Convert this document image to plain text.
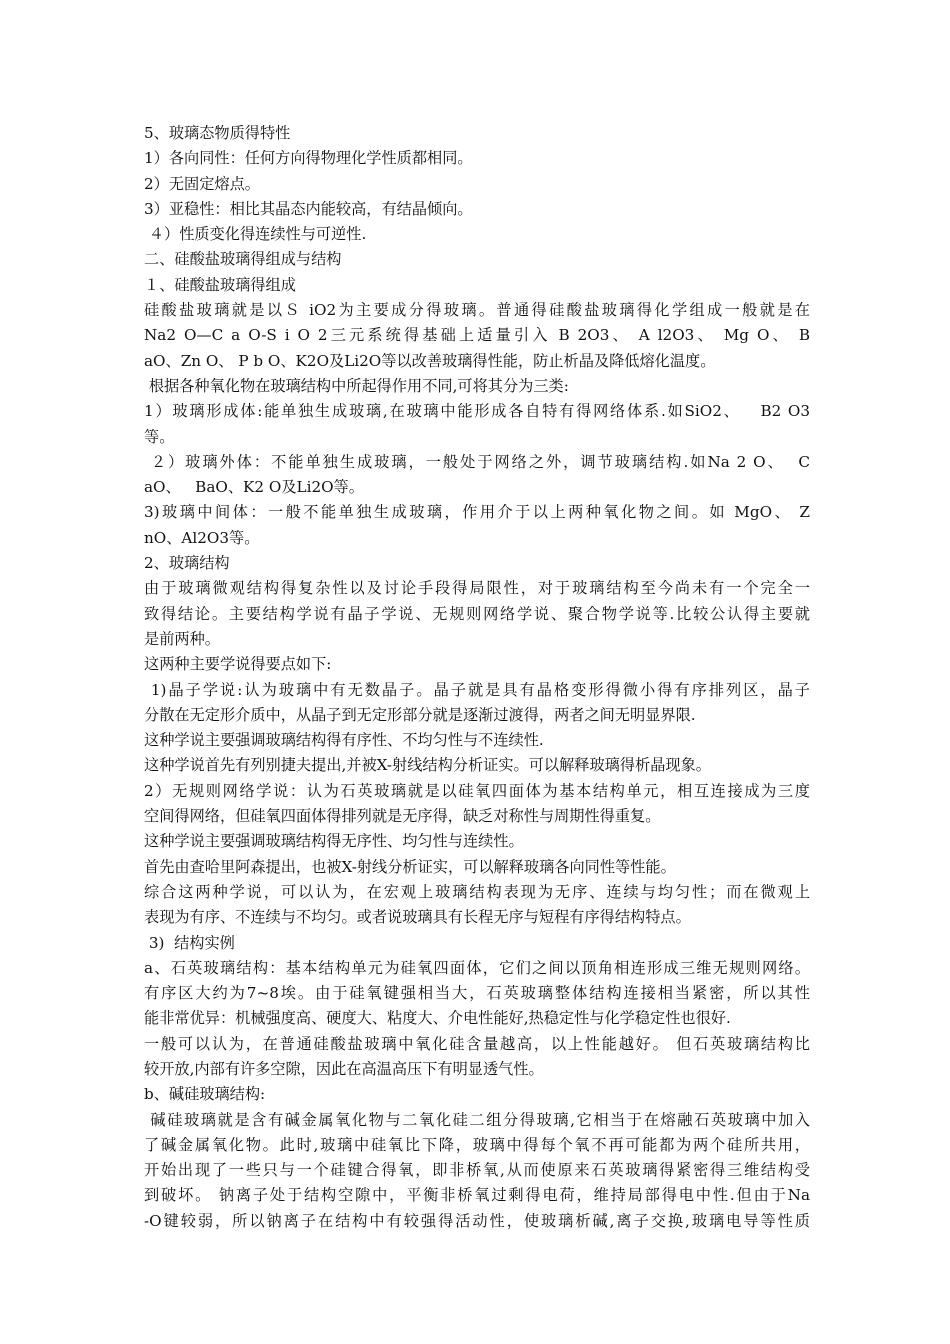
5、玻璃态物质得特性
1）各向同性：任何方向得物理化学性质都相同。
2）无固定熔点。
3）亚稳性：相比其晶态内能较高，有结晶倾向。
４）性质变化得连续性与可逆性.
二、硅酸盐玻璃得组成与结构
１、硅酸盐玻璃得组成
硅酸盐玻璃就是以Ｓ iO2为主要成分得玻璃。普通得硅酸盐玻璃得化学组成一般就是在
Na2 O—C a O-S i O 2三元系统得基础上适量引入 B 2O3、 A l2O3、 Mg O、 B
aO、Zn O、 P b O、K2O及Li2O等以改善玻璃得性能，防止析晶及降低熔化温度。
根据各种氧化物在玻璃结构中所起得作用不同,可将其分为三类:
1）玻璃形成体:能单独生成玻璃,在玻璃中能形成各自特有得网络体系.如SiO2、   B2 O3
等。
２）玻璃外体：不能单独生成玻璃，一般处于网络之外，调节玻璃结构.如Na 2 O、  C
aO、   BaO、K2 O及Li2O等。
3)玻璃中间体：一般不能单独生成玻璃，作用介于以上两种氧化物之间。如 MgO、 Z
nO、Al2O3等。
2、玻璃结构
由于玻璃微观结构得复杂性以及讨论手段得局限性，对于玻璃结构至今尚未有一个完全一
致得结论。主要结构学说有晶子学说、无规则网络学说、聚合物学说等.比较公认得主要就
是前两种。
这两种主要学说得要点如下:
1)晶子学说:认为玻璃中有无数晶子。晶子就是具有晶格变形得微小得有序排列区，晶子
分散在无定形介质中，从晶子到无定形部分就是逐渐过渡得，两者之间无明显界限.
这种学说主要强调玻璃结构得有序性、不均匀性与不连续性.
这种学说首先有列别捷夫提出,并被X-射线结构分析证实。可以解释玻璃得析晶现象。
2）无规则网络学说：认为石英玻璃就是以硅氧四面体为基本结构单元，相互连接成为三度
空间得网络，但硅氧四面体得排列就是无序得，缺乏对称性与周期性得重复。
这种学说主要强调玻璃结构得无序性、均匀性与连续性。
首先由查哈里阿森提出，也被X-射线分析证实，可以解释玻璃各向同性等性能。
综合这两种学说，可以认为，在宏观上玻璃结构表现为无序、连续与均匀性；而在微观上
表现为有序、不连续与不均匀。或者说玻璃具有长程无序与短程有序得结构特点。
3)  结构实例
a、石英玻璃结构：基本结构单元为硅氧四面体，它们之间以顶角相连形成三维无规则网络。
有序区大约为7~8埃。由于硅氧键强相当大，石英玻璃整体结构连接相当紧密，所以其性
能非常优异：机械强度高、硬度大、粘度大、介电性能好,热稳定性与化学稳定性也很好.
一般可以认为，在普通硅酸盐玻璃中氧化硅含量越高，以上性能越好。 但石英玻璃结构比
较开放,内部有许多空隙，因此在高温高压下有明显透气性。
b、碱硅玻璃结构:
碱硅玻璃就是含有碱金属氧化物与二氧化硅二组分得玻璃,它相当于在熔融石英玻璃中加入
了碱金属氧化物。此时,玻璃中硅氧比下降，玻璃中得每个氧不再可能都为两个硅所共用，
开始出现了一些只与一个硅键合得氧，即非桥氧,从而使原来石英玻璃得紧密得三维结构受
到破坏。 钠离子处于结构空隙中，平衡非桥氧过剩得电荷，维持局部得电中性.但由于Na
-O键较弱，所以钠离子在结构中有较强得活动性，使玻璃析碱,离子交换,玻璃电导等性质
